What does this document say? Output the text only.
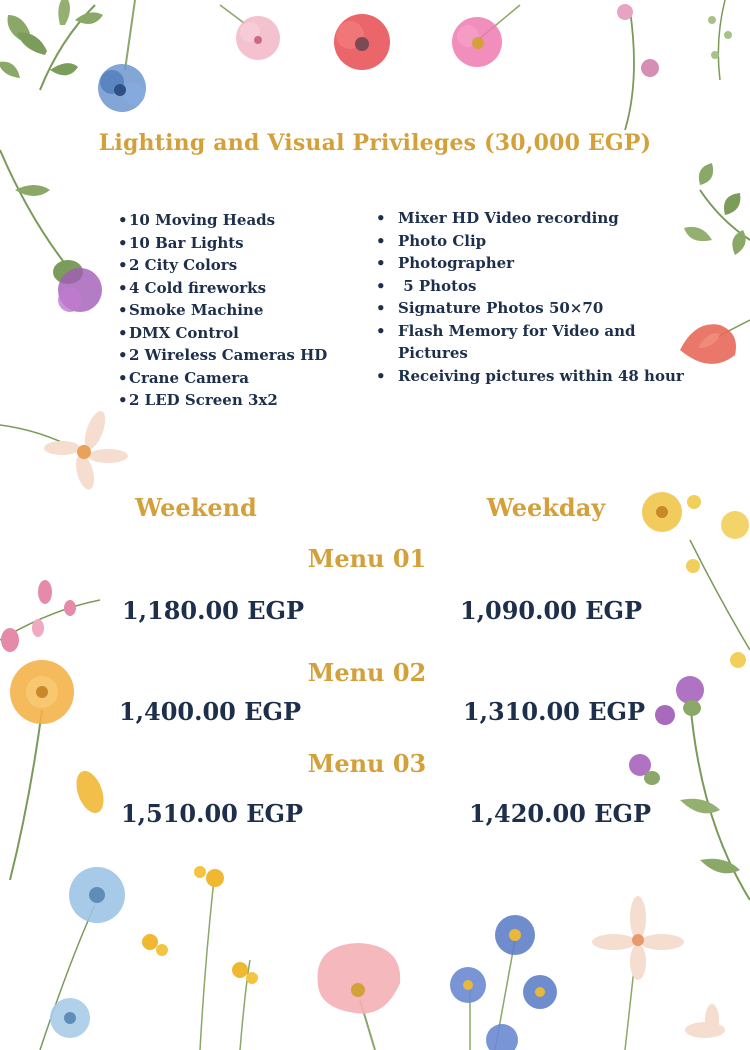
Lighting and Visual Privileges (30,000 EGP)
• 10 Moving Heads
• 10 Bar Lights
• 2 City Colors
• 4 Cold fireworks
• Smoke Machine
• DMX Control
• 2 Wireless Cameras HD
• Crane Camera
• 2 LED Screen 3x2
• Mixer HD Video recording
• Photo Clip
• Photographer
•  5 Photos
• Signature Photos 50×70
• Flash Memory for Video and Pictures
• Receiving pictures within 48 hour
Weekend	Weekday
Menu 01
1,180.00 EGP	1,090.00 EGP
Menu 02
1,400.00 EGP	1,310.00 EGP
Menu 03
1,510.00 EGP	1,420.00 EGP
